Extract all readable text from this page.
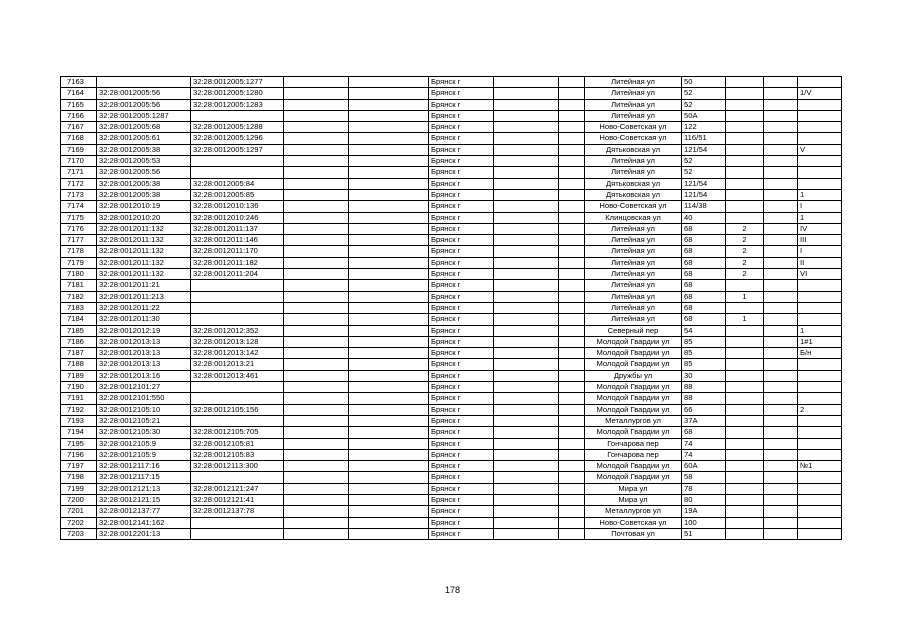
7163		32:28:0012005:1277			Брянск г			Литейная ул	50			
7164	32:28:0012005:56	32:28:0012005:1280			Брянск г			Литейная ул	52			1/V
7165	32:28:0012005:56	32:28:0012005:1283			Брянск г			Литейная ул	52			
7166	32:28:0012005:1287				Брянск г			Литейная ул	50А			
7167	32:28:0012005:68	32:28:0012005:1288			Брянск г			Ново-Советская ул	122			
7168	32:28:0012005:61	32:28:0012005:1296			Брянск г			Ново-Советская ул	116/51			
7169	32:28:0012005:38	32:28:0012005:1297			Брянск г			Дятьковская ул	121/54			V
7170	32:28:0012005:53				Брянск г			Литейная ул	52			
7171	32:28:0012005:56				Брянск г			Литейная ул	52			
7172	32:28:0012005:38	32:28:0012005:84			Брянск г			Дятьковская ул	121/54			
7173	32:28:0012005:38	32:28:0012005:85			Брянск г			Дятьковская ул	121/54			1
7174	32:28:0012010:19	32:28:0012010:136			Брянск г			Ново-Советская ул	114/38			I
7175	32:28:0012010:20	32:28:0012010:246			Брянск г			Клинцовская ул	40			1
7176	32:28:0012011:132	32:28:0012011:137			Брянск г			Литейная ул	68	2		IV
7177	32:28:0012011:132	32:28:0012011:146			Брянск г			Литейная ул	68	2		III
7178	32:28:0012011:132	32:28:0012011:170			Брянск г			Литейная ул	68	2		I
7179	32:28:0012011:132	32:28:0012011:182			Брянск г			Литейная ул	68	2		II
7180	32:28:0012011:132	32:28:0012011:204			Брянск г			Литейная ул	68	2		VI
7181	32:28:0012011:21				Брянск г			Литейная ул	68			
7182	32:28:0012011:213				Брянск г			Литейная ул	68	1		
7183	32:28:0012011:22				Брянск г			Литейная ул	68			
7184	32:28:0012011:30				Брянск г			Литейная ул	68	1		
7185	32:28:0012012:19	32:28:0012012:352			Брянск г			Северный пер	54			1
7186	32:28:0012013:13	32:28:0012013:128			Брянск г			Молодой Гвардии ул	85			1#1
7187	32:28:0012013:13	32:28:0012013:142			Брянск г			Молодой Гвардии ул	85			Б/н
7188	32:28:0012013:13	32:28:0012013:21			Брянск г			Молодой Гвардии ул	85			
7189	32:28:0012013:16	32:28:0012013:461			Брянск г			Дружбы ул	30			
7190	32:28:0012101:27				Брянск г			Молодой Гвардии ул	88			
7191	32:28:0012101:550				Брянск г			Молодой Гвардии ул	88			
7192	32:28:0012105:10	32:28:0012105:156			Брянск г			Молодой Гвардии ул	66			2
7193	32:28:0012105:21				Брянск г			Металлургов ул	37А			
7194	32:28:0012105:30	32:28:0012105:705			Брянск г			Молодой Гвардии ул	68			
7195	32:28:0012105:9	32:28:0012105:81			Брянск г			Гончарова пер	74			
7196	32:28:0012105:9	32:28:0012105:83			Брянск г			Гончарова пер	74			
7197	32:28:0012117:16	32:28:0012113:300			Брянск г			Молодой Гвардии ул	60А			№1
7198	32:28:0012117:15				Брянск г			Молодой Гвардии ул	58			
7199	32:28:0012121:13	32:28:0012121:247			Брянск г			Мира ул	78			
7200	32:28:0012121:15	32:28:0012121:41			Брянск г			Мира ул	80			
7201	32:28:0012137:77	32:28:0012137:78			Брянск г			Металлургов ул	19А			
7202	32:28:0012141:162				Брянск г			Ново-Советская ул	100			
7203	32:28:0012201:13				Брянск г			Почтовая ул	51			
178
